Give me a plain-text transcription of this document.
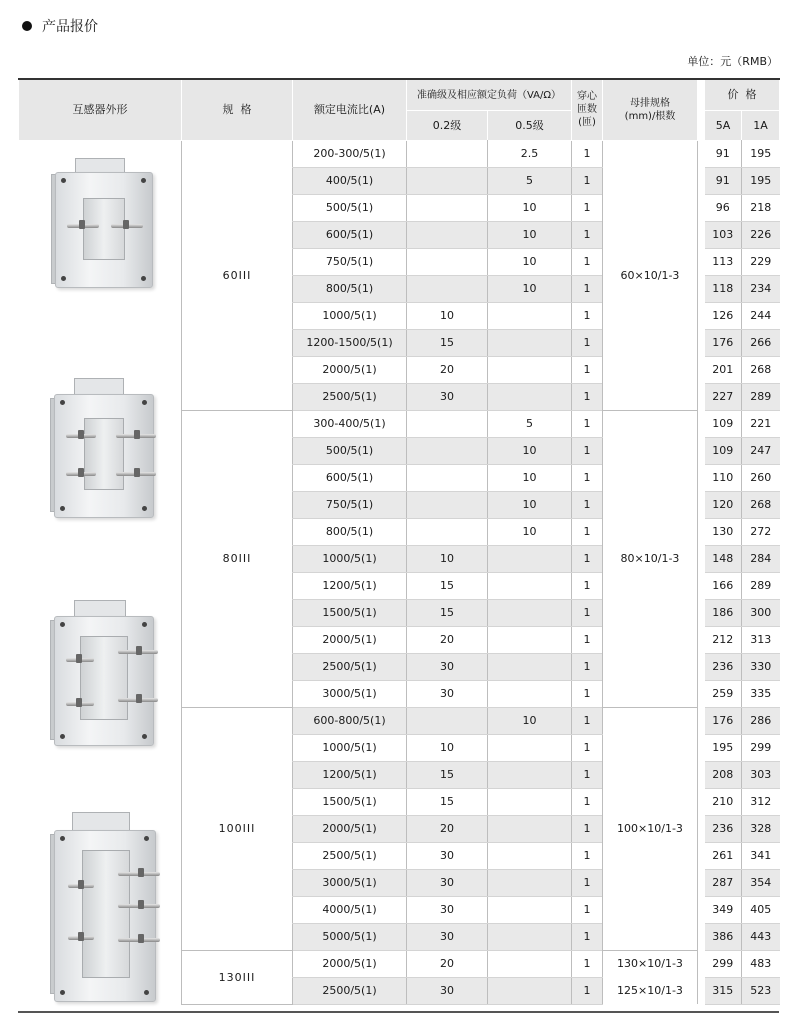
产品报价
单位：元（RMB）
互感器外形	规  格	额定电流比(A)	准确级及相应额定负荷（VA/Ω）		穿心匝数(匝)	母排规格(mm)/根数		价  格	
			0.2级	0.5级				5A	1A
	60III	200-300/5(1)		2.5	1	60×10/1-3		91	195
		400/5(1)		5	1			91	195
		500/5(1)		10	1			96	218
		600/5(1)		10	1			103	226
		750/5(1)		10	1			113	229
		800/5(1)		10	1			118	234
		1000/5(1)	10		1			126	244
		1200-1500/5(1)	15		1			176	266
		2000/5(1)	20		1			201	268
		2500/5(1)	30		1			227	289
	80III	300-400/5(1)		5	1	80×10/1-3		109	221
		500/5(1)		10	1			109	247
		600/5(1)		10	1			110	260
		750/5(1)		10	1			120	268
		800/5(1)		10	1			130	272
		1000/5(1)	10		1			148	284
		1200/5(1)	15		1			166	289
		1500/5(1)	15		1			186	300
		2000/5(1)	20		1			212	313
		2500/5(1)	30		1			236	330
		3000/5(1)	30		1			259	335
	100III	600-800/5(1)		10	1	100×10/1-3		176	286
		1000/5(1)	10		1			195	299
		1200/5(1)	15		1			208	303
		1500/5(1)	15		1			210	312
		2000/5(1)	20		1			236	328
		2500/5(1)	30		1			261	341
		3000/5(1)	30		1			287	354
		4000/5(1)	30		1			349	405
		5000/5(1)	30		1			386	443
	130III	2000/5(1)	20		1	130×10/1-3		299	483
		2500/5(1)	30		1	125×10/1-3		315	523
